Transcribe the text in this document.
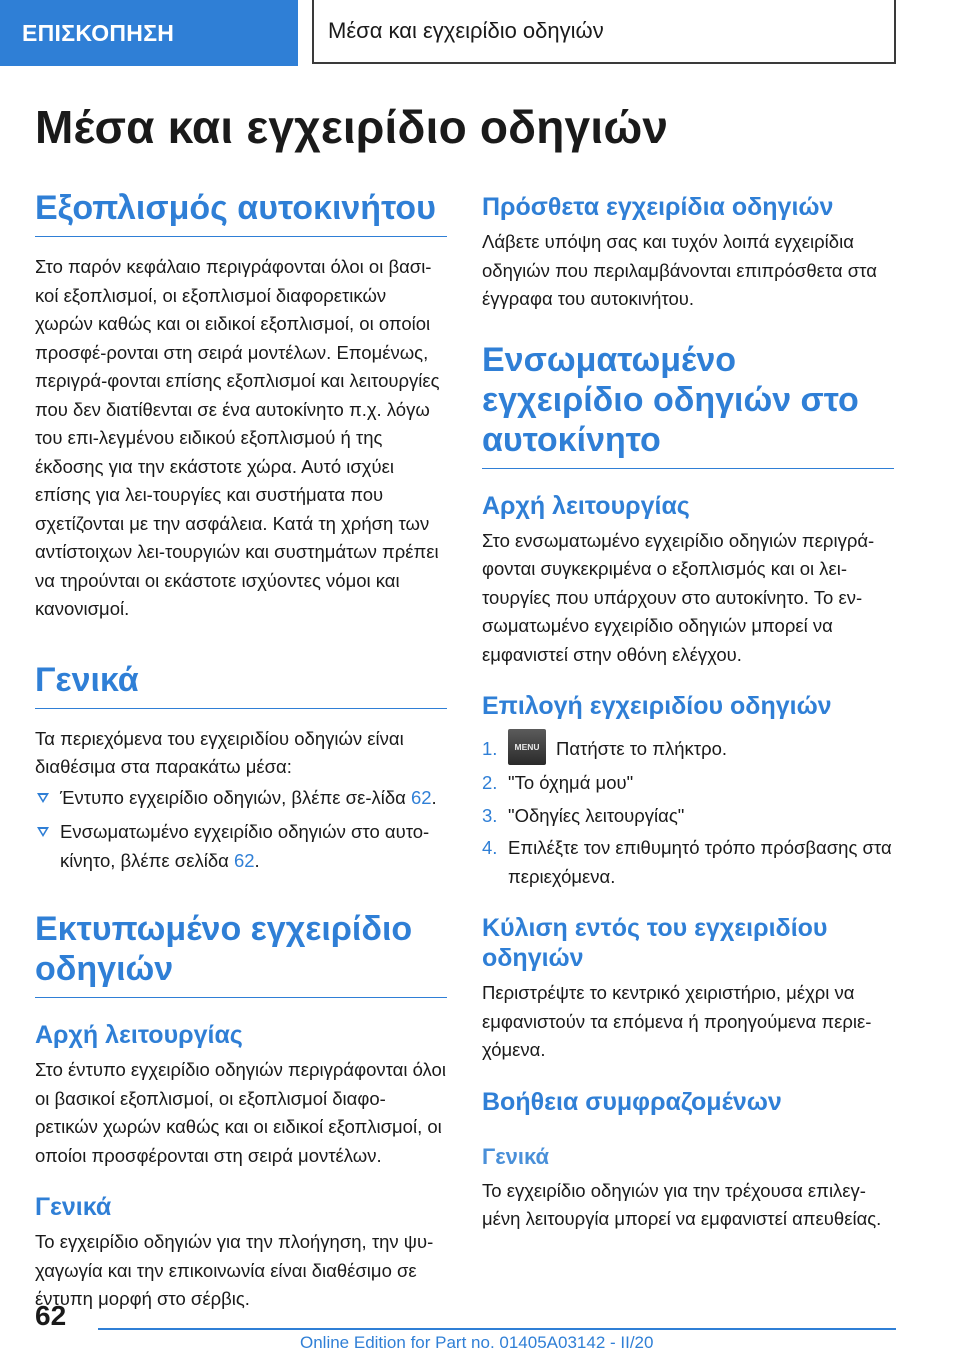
ΕΠΙΣΚΟΠΗΣΗ	Μέσα και εγχειρίδιο οδηγιών
Μέσα και εγχειρίδιο οδηγιών
Εξοπλισμός αυτοκινήτου

Στο παρόν κεφάλαιο περιγράφονται όλοι οι βασι‐κοί εξοπλισμοί, οι εξοπλισμοί διαφορετικών χωρών καθώς και οι ειδικοί εξοπλισμοί, οι οποίοι προσφέ‐ρονται στη σειρά μοντέλων. Επομένως, περιγρά‐φονται επίσης εξοπλισμοί και λειτουργίες που δεν διατίθενται σε ένα αυτοκίνητο π.χ. λόγω του επι‐λεγμένου ειδικού εξοπλισμού ή της έκδοσης για την εκάστοτε χώρα. Αυτό ισχύει επίσης για λει‐τουργίες και συστήματα που σχετίζονται με την ασφάλεια. Κατά τη χρήση των αντίστοιχων λει‐τουργιών και συστημάτων πρέπει να τηρούνται οι εκάστοτε ισχύοντες νόμοι και κανονισμοί.

Γενικά

Τα περιεχόμενα του εγχειριδίου οδηγιών είναι διαθέσιμα στα παρακάτω μέσα:

Έντυπο εγχειρίδιο οδηγιών, βλέπε σε‐λίδα 62.
Ενσωματωμένο εγχειρίδιο οδηγιών στο αυτο‐κίνητο, βλέπε σελίδα 62.
Εκτυπωμένο εγχειρίδιο οδηγιών
Αρχή λειτουργίας

Στο έντυπο εγχειρίδιο οδηγιών περιγράφονται όλοι οι βασικοί εξοπλισμοί, οι εξοπλισμοί διαφο‐ρετικών χωρών καθώς και οι ειδικοί εξοπλισμοί, οι οποίοι προσφέρονται στη σειρά μοντέλων.

Γενικά

Το εγχειρίδιο οδηγιών για την πλοήγηση, την ψυ‐χαγωγία και την επικοινωνία είναι διαθέσιμο σε έντυπη μορφή στο σέρβις.

Πρόσθετα εγχειρίδια οδηγιών

Λάβετε υπόψη σας και τυχόν λοιπά εγχειρίδια οδηγιών που περιλαμβάνονται επιπρόσθετα στα έγγραφα του αυτοκινήτου.

Ενσωματωμένο εγχειρίδιο οδηγιών στο αυτοκίνητο
Αρχή λειτουργίας

Στο ενσωματωμένο εγχειρίδιο οδηγιών περιγρά‐φονται συγκεκριμένα ο εξοπλισμός και οι λει‐τουργίες που υπάρχουν στο αυτοκίνητο. Το εν‐σωματωμένο εγχειρίδιο οδηγιών μπορεί να εμφανιστεί στην οθόνη ελέγχου.

Επιλογή εγχειριδίου οδηγιών
1.	MENU Πατήστε το πλήκτρο.
2. "Το όχημά μου"
3. "Οδηγίες λειτουργίας"
4. Επιλέξτε τον επιθυμητό τρόπο πρόσβασης στα περιεχόμενα.
Κύλιση εντός του εγχειριδίου οδηγιών

Περιστρέψτε το κεντρικό χειριστήριο, μέχρι να εμφανιστούν τα επόμενα ή προηγούμενα περιε‐χόμενα.

Βοήθεια συμφραζομένων
Γενικά

Το εγχειρίδιο οδηγιών για την τρέχουσα επιλεγ‐μένη λειτουργία μπορεί να εμφανιστεί απευθείας.

62
Online Edition for Part no. 01405A03142 - II/20
